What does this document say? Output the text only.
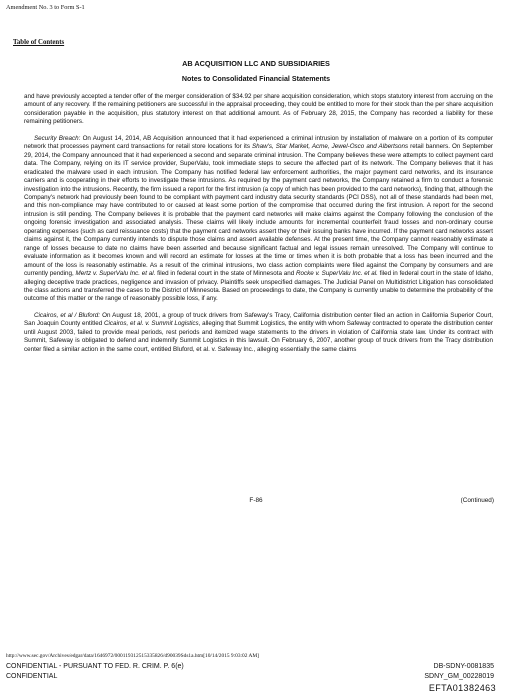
Amendment No. 3 to Form S-1
Table of Contents
AB ACQUISITION LLC AND SUBSIDIARIES
Notes to Consolidated Financial Statements

and have previously accepted a tender offer of the merger consideration of $34.92 per share acquisition consideration, which stops statutory interest from accruing on the amount of any recovery. If the remaining petitioners are successful in the appraisal proceeding, they could be entitled to more for their stock than the per share acquisition consideration payable in the acquisition, plus statutory interest on that additional amount. As of February 28, 2015, the Company has recorded a liability for these remaining petitioners.

Security Breach: On August 14, 2014, AB Acquisition announced that it had experienced a criminal intrusion by installation of malware on a portion of its computer network that processes payment card transactions for retail store locations for its Shaw's, Star Market, Acme, Jewel-Osco and Albertsons retail banners. On September 29, 2014, the Company announced that it had experienced a second and separate criminal intrusion. The Company believes these were attempts to collect payment card data. The Company, relying on its IT service provider, SuperValu, took immediate steps to secure the affected part of its network. The Company believes that it has eradicated the malware used in each intrusion. The Company has notified federal law enforcement authorities, the major payment card networks, and its insurance carriers and is cooperating in their efforts to investigate these intrusions. As required by the payment card networks, the Company retained a firm to conduct a forensic investigation into the intrusions. Recently, the firm issued a report for the first intrusion (a copy of which has been provided to the card networks), finding that, although the Company's network had previously been found to be compliant with payment card industry data security standards (PCI DSS), not all of these standards had been met, and this non-compliance may have contributed to or caused at least some portion of the compromise that occurred during the first intrusion. A report for the second intrusion is still pending. The Company believes it is probable that the payment card networks will make claims against the Company following the conclusion of the ongoing forensic investigation and associated analysis. These claims will likely include amounts for incremental counterfeit fraud losses and non-ordinary course operating expenses (such as card reissuance costs) that the payment card networks assert they or their issuing banks have incurred. If the payment card networks assert claims against it, the Company currently intends to dispute those claims and assert available defenses. At the present time, the Company cannot reasonably estimate a range of losses because to date no claims have been asserted and because significant factual and legal issues remain unresolved. The Company will continue to evaluate information as it becomes known and will record an estimate for losses at the time or times when it is both probable that a loss has been incurred and the amount of the loss is reasonably estimable. As a result of the criminal intrusions, two class action complaints were filed against the Company by consumers and are currently pending, Mertz v. SuperValu Inc. et al. filed in federal court in the state of Minnesota and Rocke v. SuperValu Inc. et al. filed in federal court in the state of Idaho, alleging deceptive trade practices, negligence and invasion of privacy. Plaintiffs seek unspecified damages. The Judicial Panel on Multidistrict Litigation has consolidated the class actions and transferred the cases to the District of Minnesota. Based on proceedings to date, the Company is currently unable to determine the probability of the outcome of this matter or the range of reasonably possible loss, if any.

Cicairos, et al / Bluford: On August 18, 2001, a group of truck drivers from Safeway's Tracy, California distribution center filed an action in California Superior Court, San Joaquin County entitled Cicairos, et al. v. Summit Logistics, alleging that Summit Logistics, the entity with whom Safeway contracted to operate the distribution center until August 2003, failed to provide meal periods, rest periods and itemized wage statements to the drivers in violation of California state law. Under its contract with Summit, Safeway is obligated to defend and indemnify Summit Logistics in this lawsuit. On February 6, 2007, another group of truck drivers from the Tracy distribution center filed a similar action in the same court, entitled Bluford, et al. v. Safeway Inc., alleging essentially the same claims

F-86	(Continued)
http://www.sec.gov/Archives/edgar/data/1646972/000119312515335826/d90039Sds1a.htm[10/14/2015 9:03:02 AM]
CONFIDENTIAL - PURSUANT TO FED. R. CRIM. P. 6(e)
CONFIDENTIAL
DB-SDNY-0081835
SDNY_GM_00228019
EFTA01382463
